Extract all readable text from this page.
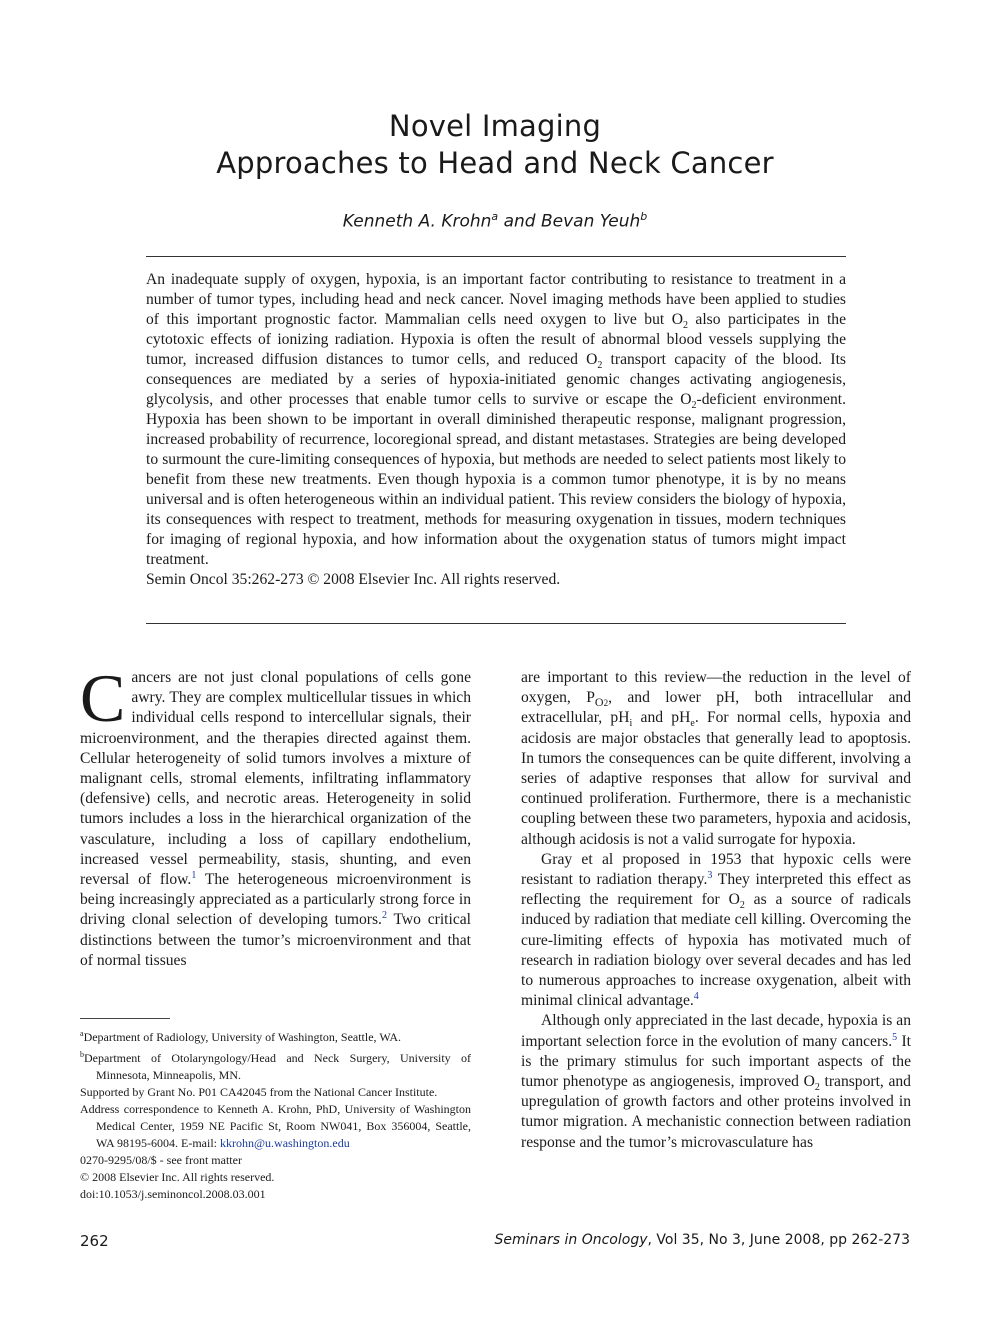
Novel Imaging
Approaches to Head and Neck Cancer
Kenneth A. Krohn$^a$ and Bevan Yeuh$^b$

An inadequate supply of oxygen, hypoxia, is an important factor contributing to resistance to treatment in a number of tumor types, including head and neck cancer. Novel imaging methods have been applied to studies of this important prognostic factor. Mammalian cells need oxygen to live but $O_2$ also participates in the cytotoxic effects of ionizing radiation. Hypoxia is often the result of abnormal blood vessels supplying the tumor, increased diffusion distances to tumor cells, and reduced $O_2$ transport capacity of the blood. Its consequences are mediated by a series of hypoxia-initiated genomic changes activating angiogenesis, glycolysis, and other processes that enable tumor cells to survive or escape the $O_2$-deficient environment. Hypoxia has been shown to be important in overall diminished therapeutic response, malignant progression, increased probability of recurrence, locoregional spread, and distant metastases. Strategies are being developed to surmount the cure-limiting consequences of hypoxia, but methods are needed to select patients most likely to benefit from these new treatments. Even though hypoxia is a common tumor phenotype, it is by no means universal and is often heterogeneous within an individual patient. This review considers the biology of hypoxia, its consequences with respect to treatment, methods for measuring oxygenation in tissues, modern techniques for imaging of regional hypoxia, and how information about the oxygenation status of tumors might impact treatment.

Semin Oncol 35:262-273 © 2008 Elsevier Inc. All rights reserved.

Cancers are not just clonal populations of cells gone awry. They are complex multicellular tissues in which individual cells respond to intercellular signals, their microenvironment, and the therapies directed against them. Cellular heterogeneity of solid tumors involves a mixture of malignant cells, stromal elements, infiltrating inflammatory (defensive) cells, and necrotic areas. Heterogeneity in solid tumors includes a loss in the hierarchical organization of the vasculature, including a loss of capillary endothelium, increased vessel permeability, stasis, shunting, and even reversal of flow.$^1$ The heterogeneous microenvironment is being increasingly appreciated as a particularly strong force in driving clonal selection of developing tumors.$^2$ Two critical distinctions between the tumor’s microenvironment and that of normal tissues

$^a$Department of Radiology, University of Washington, Seattle, WA.
$^b$Department of Otolaryngology/Head and Neck Surgery, University of Minnesota, Minneapolis, MN.
Supported by Grant No. P01 CA42045 from the National Cancer Institute.
Address correspondence to Kenneth A. Krohn, PhD, University of Washington Medical Center, 1959 NE Pacific St, Room NW041, Box 356004, Seattle, WA 98195-6004. E-mail: kkrohn@u.washington.edu
0270-9295/08/$ - see front matter
© 2008 Elsevier Inc. All rights reserved.
doi:10.1053/j.seminoncol.2008.03.001

are important to this review—the reduction in the level of oxygen, $P_{O2}$, and lower pH, both intracellular and extracellular, $pH_i$ and $pH_e$. For normal cells, hypoxia and acidosis are major obstacles that generally lead to apoptosis. In tumors the consequences can be quite different, involving a series of adaptive responses that allow for survival and continued proliferation. Furthermore, there is a mechanistic coupling between these two parameters, hypoxia and acidosis, although acidosis is not a valid surrogate for hypoxia.

Gray et al proposed in 1953 that hypoxic cells were resistant to radiation therapy.$^3$ They interpreted this effect as reflecting the requirement for $O_2$ as a source of radicals induced by radiation that mediate cell killing. Overcoming the cure-limiting effects of hypoxia has motivated much of research in radiation biology over several decades and has led to numerous approaches to increase oxygenation, albeit with minimal clinical advantage.$^4$

Although only appreciated in the last decade, hypoxia is an important selection force in the evolution of many cancers.$^5$ It is the primary stimulus for such important aspects of the tumor phenotype as angiogenesis, improved $O_2$ transport, and upregulation of growth factors and other proteins involved in tumor migration. A mechanistic connection between radiation response and the tumor’s microvasculature has

262	Seminars in Oncology, Vol 35, No 3, June 2008, pp 262-273
